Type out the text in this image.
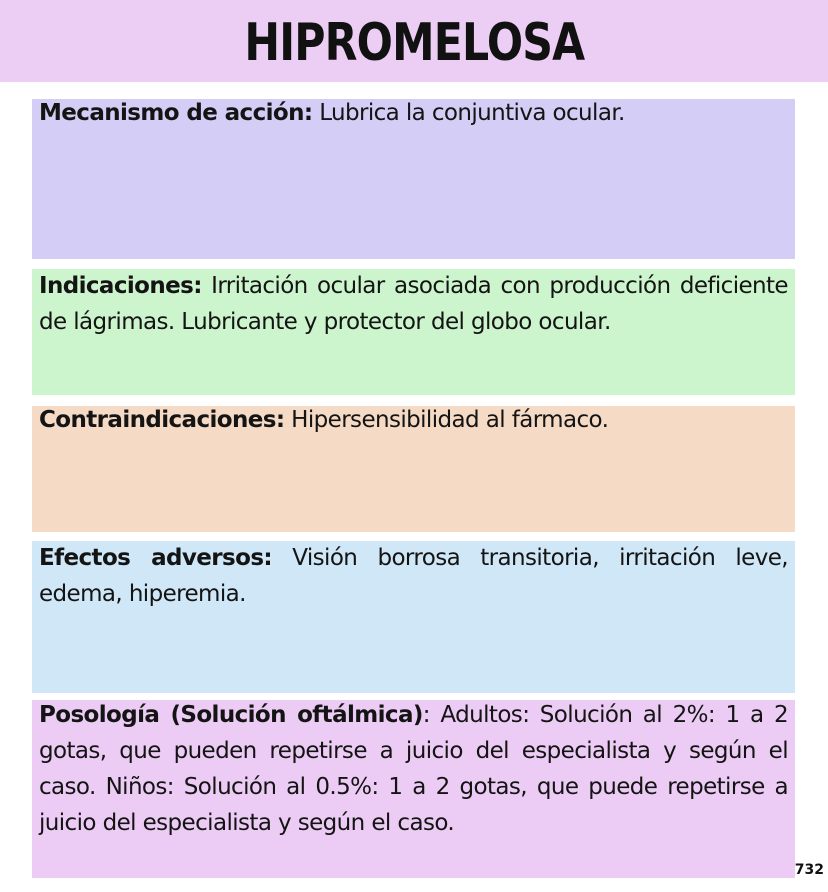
HIPROMELOSA

Mecanismo de acción: Lubrica la conjuntiva ocular.

Indicaciones: Irritación ocular asociada con producción deficiente de lágrimas. Lubricante y protector del globo ocular.

Contraindicaciones: Hipersensibilidad al fármaco.

Efectos adversos: Visión borrosa transitoria, irritación leve, edema, hiperemia.

Posología (Solución oftálmica): Adultos: Solución al 2%: 1 a 2 gotas, que pueden repetirse a juicio del especialista y según el caso. Niños: Solución al 0.5%: 1 a 2 gotas, que puede repetirse a juicio del especialista y según el caso.

732
